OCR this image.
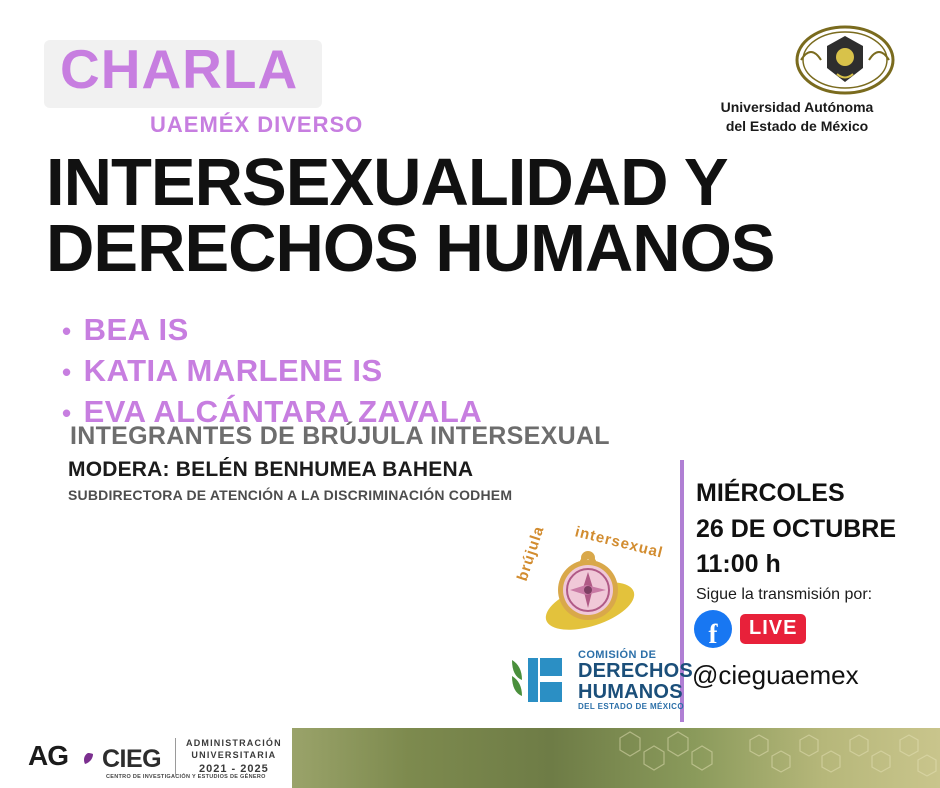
CHARLA
UAEMÉX DIVERSO
Universidad Autónoma
del Estado de México
INTERSEXUALIDAD Y
DERECHOS HUMANOS
• BEA IS
• KATIA MARLENE IS
• EVA ALCÁNTARA ZAVALA
INTEGRANTES DE BRÚJULA INTERSEXUAL
MODERA: BELÉN BENHUMEA BAHENA
SUBDIRECTORA DE ATENCIÓN A LA DISCRIMINACIÓN CODHEM	MIÉRCOLES
26 DE OCTUBRE
11:00 h
Sigue la transmisión por:
f	LIVE
@cieguaemex
brújula intersexual
COMISIÓN DE
DERECHOS
HUMANOS
DEL ESTADO DE MÉXICO
AG CIEG
CENTRO DE INVESTIGACIÓN Y ESTUDIOS DE GÉNERO
ADMINISTRACIÓN
UNIVERSITARIA
2021 - 2025
